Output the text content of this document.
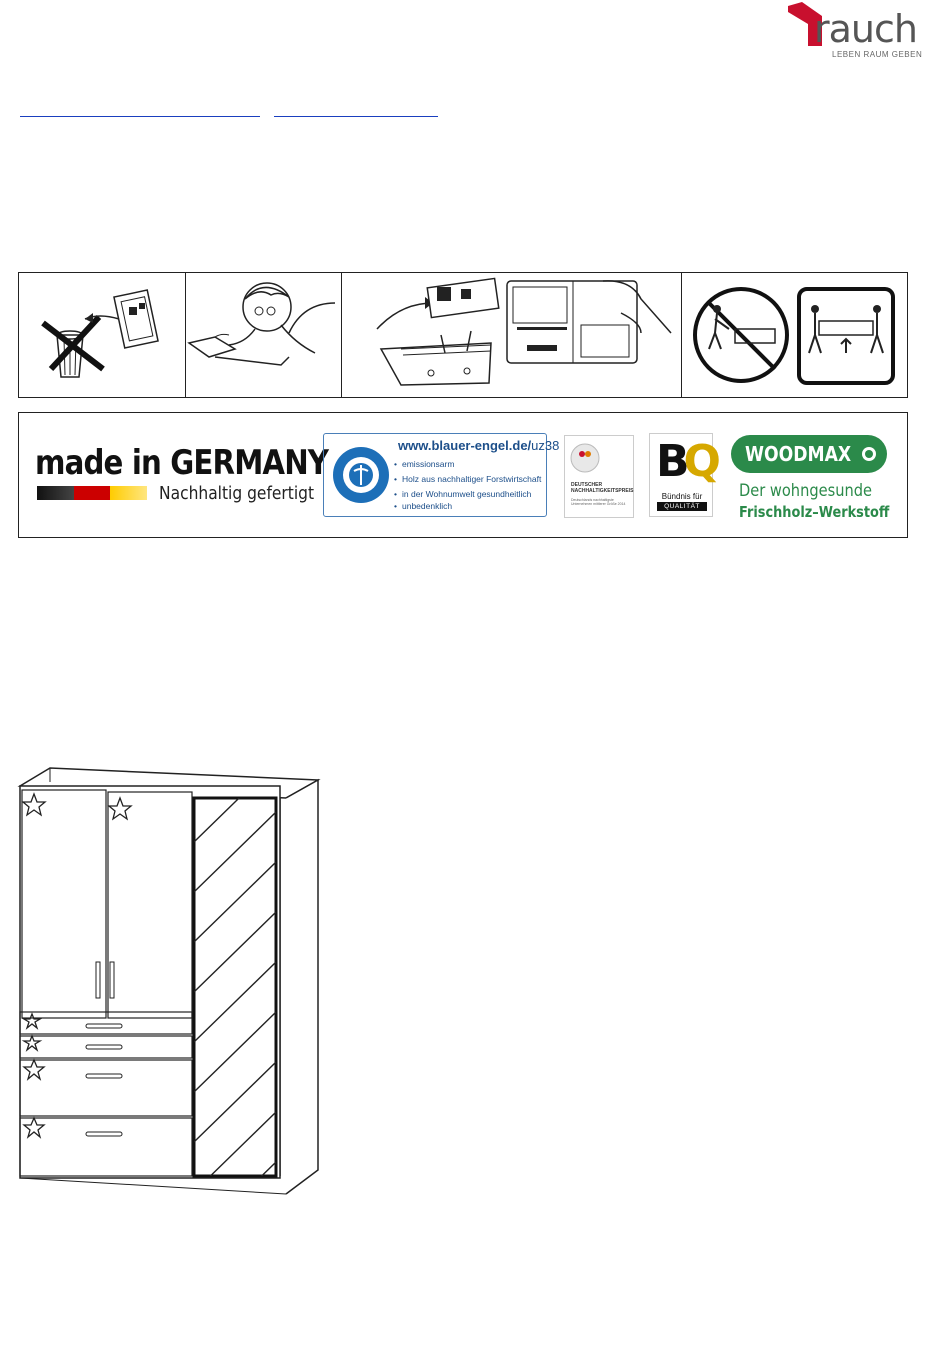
rauch
LEBEN RAUM GEBEN
made in GERMANY
Nachhaltig gefertigt
www.blauer-engel.de/uz38
• emissionsarm
• Holz aus nachhaltiger Forstwirtschaft
• in der Wohnumwelt gesundheitlich
• unbedenklich
DEUTSCHER
NACHHALTIGKEITSPREIS
Deutschlands nachhaltigste
Unternehmen mittlerer Größe 2014
BQ
Bündnis für
QUALITÄT
WOODMAX
Der wohngesunde
Frischholz–Werkstoff
